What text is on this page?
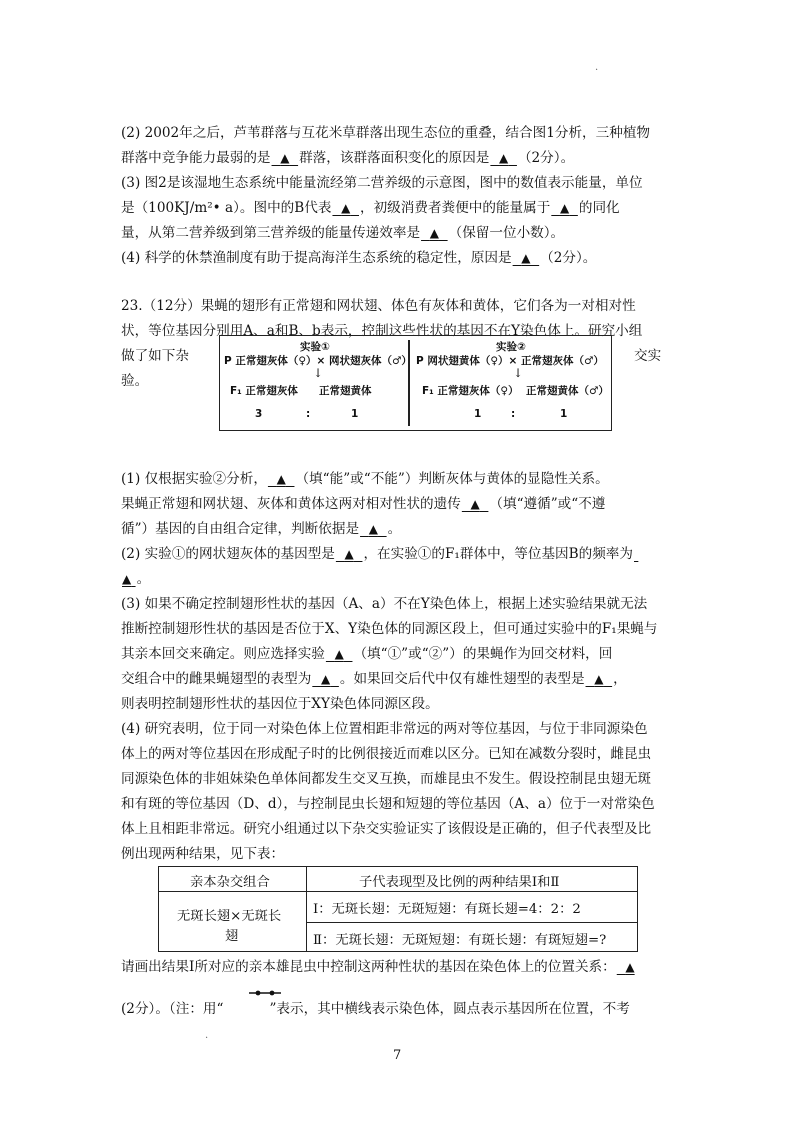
.
(2) 2002年之后，芦苇群落与互花米草群落出现生态位的重叠，结合图1分析，三种植物
群落中竞争能力最弱的是 ▲ 群落，该群落面积变化的原因是 ▲ （2分）。
(3) 图2是该湿地生态系统中能量流经第二营养级的示意图，图中的数值表示能量，单位
是（100KJ/m²• a）。图中的B代表 ▲ ，初级消费者粪便中的能量属于 ▲ 的同化
量，从第二营养级到第三营养级的能量传递效率是 ▲ （保留一位小数）。
(4) 科学的休禁渔制度有助于提高海洋生态系统的稳定性，原因是 ▲ （2分）。
23.（12分）果蝇的翅形有正常翅和网状翅、体色有灰体和黄体，它们各为一对相对性
状，等位基因分别用A、a和B、b表示，控制这些性状的基因不在Y染色体上。研究小组
做了如下杂	交实
验。
实验①
P 正常翅灰体（♀）× 网状翅灰体（♂）
↓
F₁ 正常翅灰体 正常翅黄体
3	:	1
实验②
P 网状翅黄体（♀）× 正常翅灰体（♂）
↓
F₁ 正常翅灰体（♀） 正常翅黄体（♂）
1	:	1
(1) 仅根据实验②分析， ▲ （填“能”或“不能”）判断灰体与黄体的显隐性关系。
果蝇正常翅和网状翅、灰体和黄体这两对相对性状的遗传 ▲ （填“遵循”或“不遵
循”）基因的自由组合定律，判断依据是 ▲ 。
(2) 实验①的网状翅灰体的基因型是 ▲ ，在实验①的F₁群体中，等位基因B的频率为
▲ 。
(3) 如果不确定控制翅形性状的基因（A、a）不在Y染色体上，根据上述实验结果就无法
推断控制翅形性状的基因是否位于X、Y染色体的同源区段上，但可通过实验中的F₁果蝇与
其亲本回交来确定。则应选择实验 ▲ （填“①”或“②”）的果蝇作为回交材料，回
交组合中的雌果蝇翅型的表型为 ▲ 。如果回交后代中仅有雄性翅型的表型是 ▲ ，
则表明控制翅形性状的基因位于XY染色体同源区段。
(4) 研究表明，位于同一对染色体上位置相距非常远的两对等位基因，与位于非同源染色
体上的两对等位基因在形成配子时的比例很接近而难以区分。已知在减数分裂时，雌昆虫
同源染色体的非姐妹染色单体间都发生交叉互换，而雄昆虫不发生。假设控制昆虫翅无斑
和有斑的等位基因（D、d），与控制昆虫长翅和短翅的等位基因（A、a）位于一对常染色
体上且相距非常远。研究小组通过以下杂交实验证实了该假设是正确的，但子代表型及比
例出现两种结果，见下表：
亲本杂交组合	子代表现型及比例的两种结果Ⅰ和Ⅱ
无斑长翅×无斑长
翅
Ⅰ：无斑长翅：无斑短翅：有斑长翅=4：2：2
Ⅱ：无斑长翅：无斑短翅：有斑长翅：有斑短翅=?
请画出结果Ⅰ所对应的亲本雄昆虫中控制这两种性状的基因在染色体上的位置关系： ▲
(2分）。（注：用“	”表示，其中横线表示染色体，圆点表示基因所在位置，不考
.
7
